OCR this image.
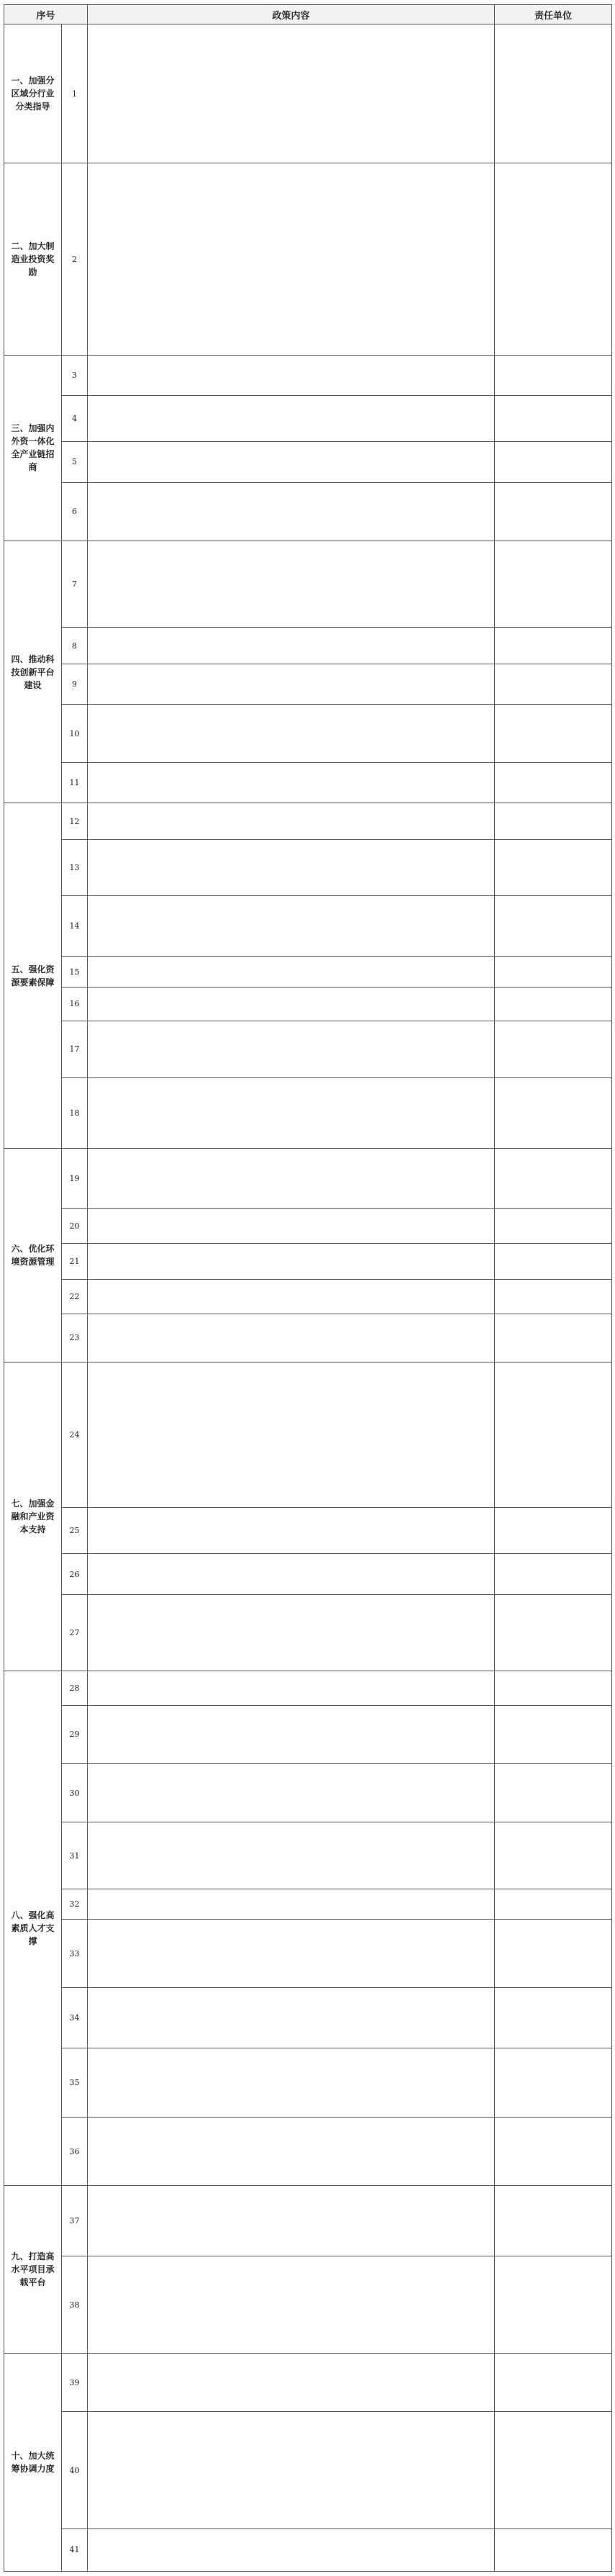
序号		政策内容	责任单位
一、加强分区域分行业分类指导	1		
二、加大制造业投资奖励	2		
三、加强内外资一体化全产业链招商	3		
	4		
	5		
	6		
四、推动科技创新平台建设	7		
	8		
	9		
	10		
	11		
五、强化资源要素保障	12		
	13		
	14		
	15		
	16		
	17		
	18		
六、优化环境资源管理	19		
	20		
	21		
	22		
	23		
七、加强金融和产业资本支持	24		
	25		
	26		
	27		
八、强化高素质人才支撑	28		
	29		
	30		
	31		
	32		
	33		
	34		
	35		
	36		
九、打造高水平项目承载平台	37		
	38		
十、加大统筹协调力度	39		
	40		
	41		
